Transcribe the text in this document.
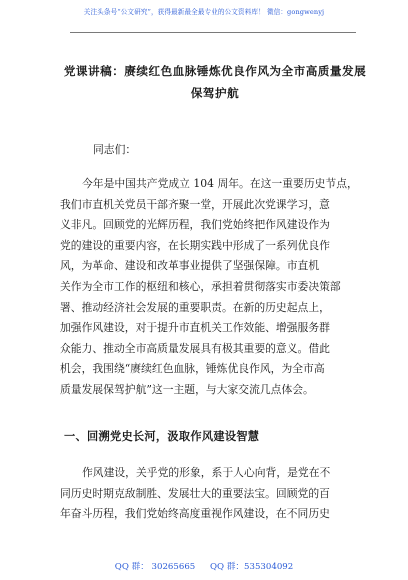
关注头条号“公文研究”，获得最新最全最专业的公文资料库！ 微信：gongwenyj
党课讲稿：赓续红色血脉锤炼优良作风为全市高质量发展
保驾护航
同志们：
今年是中国共产党成立 104 周年。在这一重要历史节点，
我们市直机关党员干部齐聚一堂，开展此次党课学习，意
义非凡。回顾党的光辉历程，我们党始终把作风建设作为
党的建设的重要内容，在长期实践中形成了一系列优良作
风，为革命、建设和改革事业提供了坚强保障。市直机
关作为全市工作的枢纽和核心，承担着贯彻落实市委决策部
署、推动经济社会发展的重要职责。在新的历史起点上，
加强作风建设，对于提升市直机关工作效能、增强服务群
众能力、推动全市高质量发展具有极其重要的意义。借此
机会，我围绕“赓续红色血脉，锤炼优良作风，为全市高
质量发展保驾护航”这一主题，与大家交流几点体会。
一、回溯党史长河，汲取作风建设智慧
作风建设，关乎党的形象，系于人心向背，是党在不
同历史时期克敌制胜、发展壮大的重要法宝。回顾党的百
年奋斗历程，我们党始终高度重视作风建设，在不同历史
QQ 群： 30265665 QQ 群：535304092
